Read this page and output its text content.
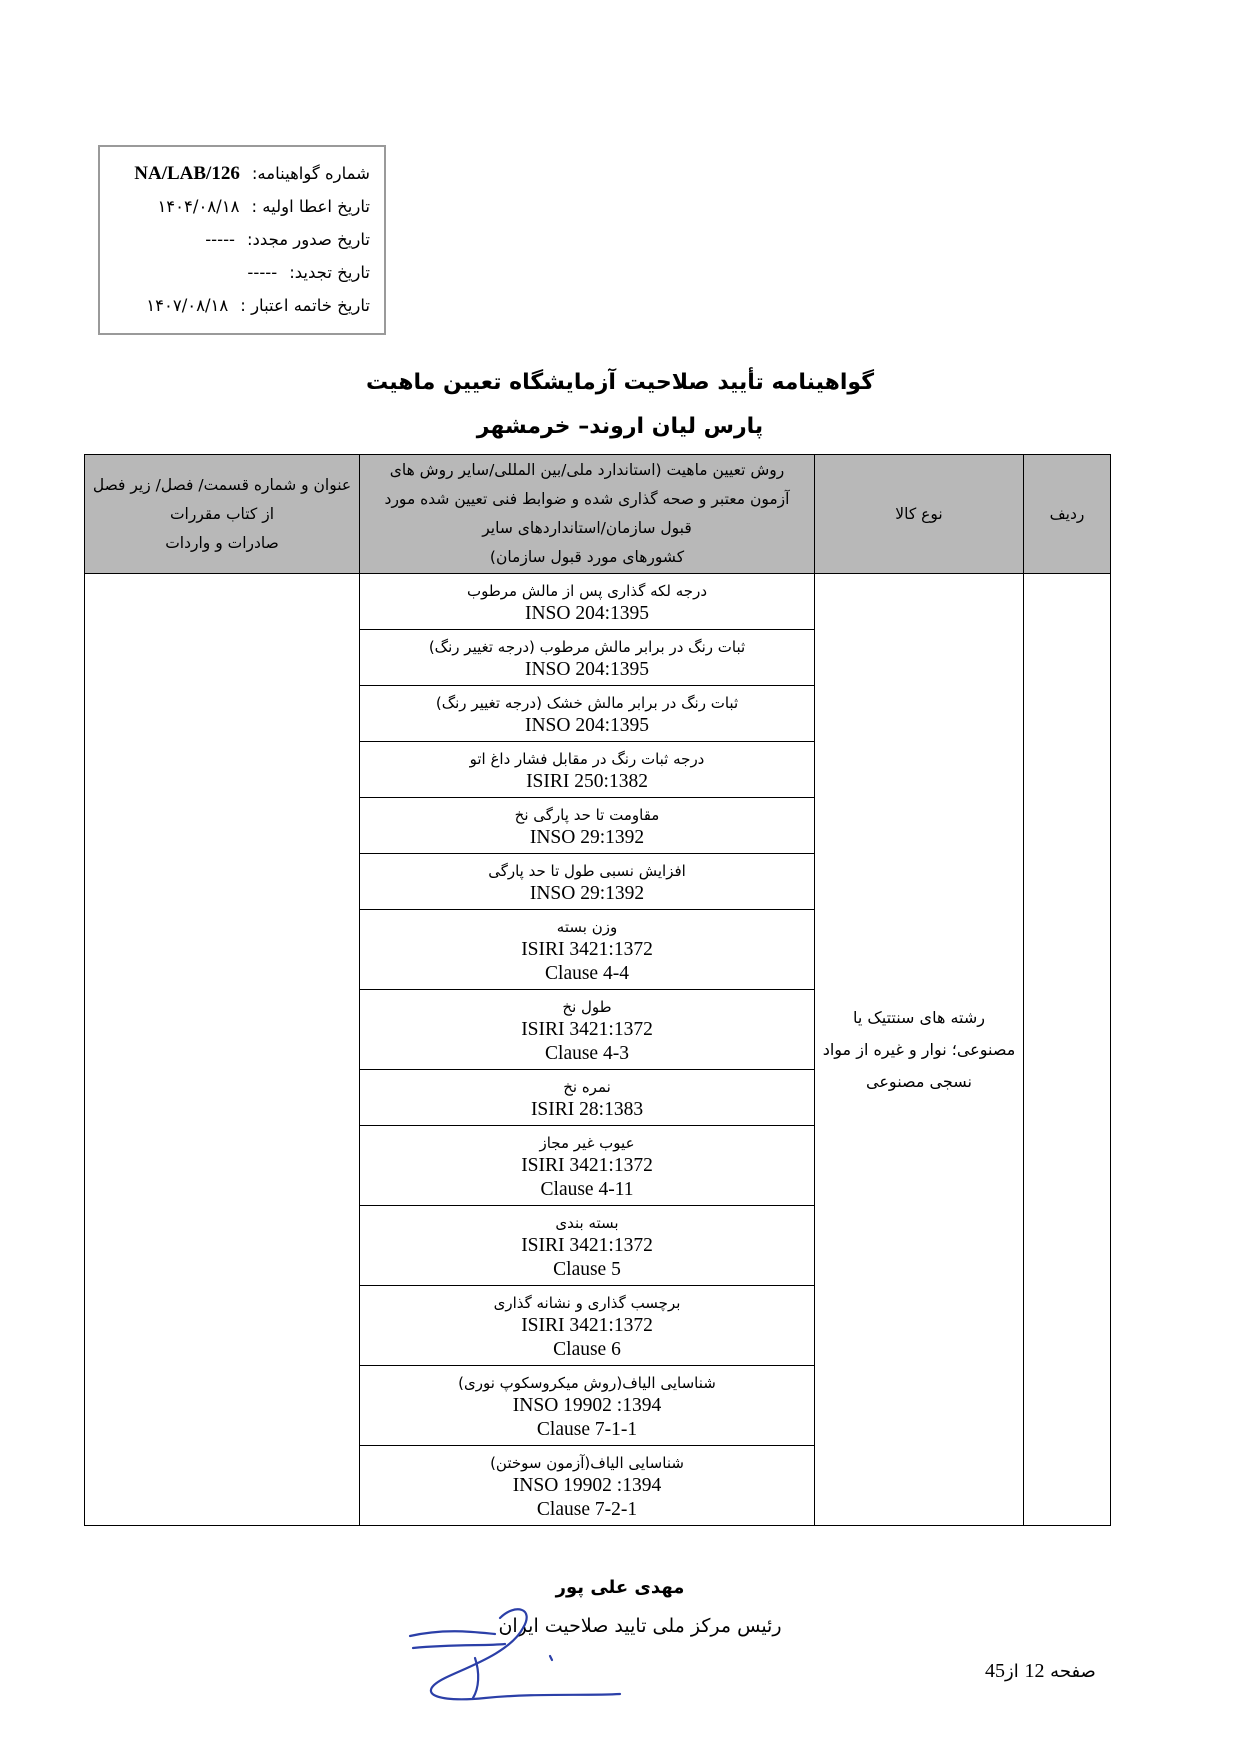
شماره گواهینامه:
NA/LAB/126
تاریخ اعطا اولیه :
۱۴۰۴/۰۸/۱۸
تاریخ صدور مجدد:
-----
تاریخ تجدید:
-----
تاریخ خاتمه اعتبار :
۱۴۰۷/۰۸/۱۸
گواهینامه تأیید صلاحیت آزمایشگاه تعیین ماهیت
پارس لیان اروند– خرمشهر
ردیف	نوع کالا	روش تعیین ماهیت (استاندارد ملی/بین المللی/سایر روش های
آزمون معتبر و صحه گذاری شده و ضوابط فنی تعیین شده مورد
قبول سازمان/استانداردهای سایر
کشورهای مورد قبول سازمان)	عنوان و شماره قسمت/ فصل/ زیر فصل
از کتاب مقررات
صادرات و واردات

	رشته های سنتتیک یا
مصنوعی؛ نوار و غیره از مواد
نسجی مصنوعی	درجه لکه گذاری پس از مالش مرطوب
INSO 204:1395	

		ثبات رنگ در برابر مالش مرطوب (درجه تغییر رنگ)
INSO 204:1395	

		ثبات رنگ در برابر مالش خشک (درجه تغییر رنگ)
INSO 204:1395	

		درجه ثبات رنگ در مقابل فشار داغ اتو
ISIRI 250:1382	

		مقاومت تا حد پارگی نخ
INSO 29:1392	

		افزایش نسبی طول تا حد پارگی
INSO 29:1392	

		وزن بسته
ISIRI 3421:1372
Clause 4-4	

		طول نخ
ISIRI 3421:1372
Clause 4-3	

		نمره نخ
ISIRI 28:1383	

		عیوب غیر مجاز
ISIRI 3421:1372
Clause 4-11	

		بسته بندی
ISIRI 3421:1372
Clause 5	

		برچسب گذاری و نشانه گذاری
ISIRI 3421:1372
Clause 6	

		شناسایی الیاف(روش میکروسکوپ نوری)
INSO 19902 :1394
Clause 7-1-1	

		شناسایی الیاف(آزمون سوختن)
INSO 19902 :1394
Clause 7-2-1	
مهدی علی پور
رئیس مرکز ملی تایید صلاحیت ایران
صفحه 12 از45
